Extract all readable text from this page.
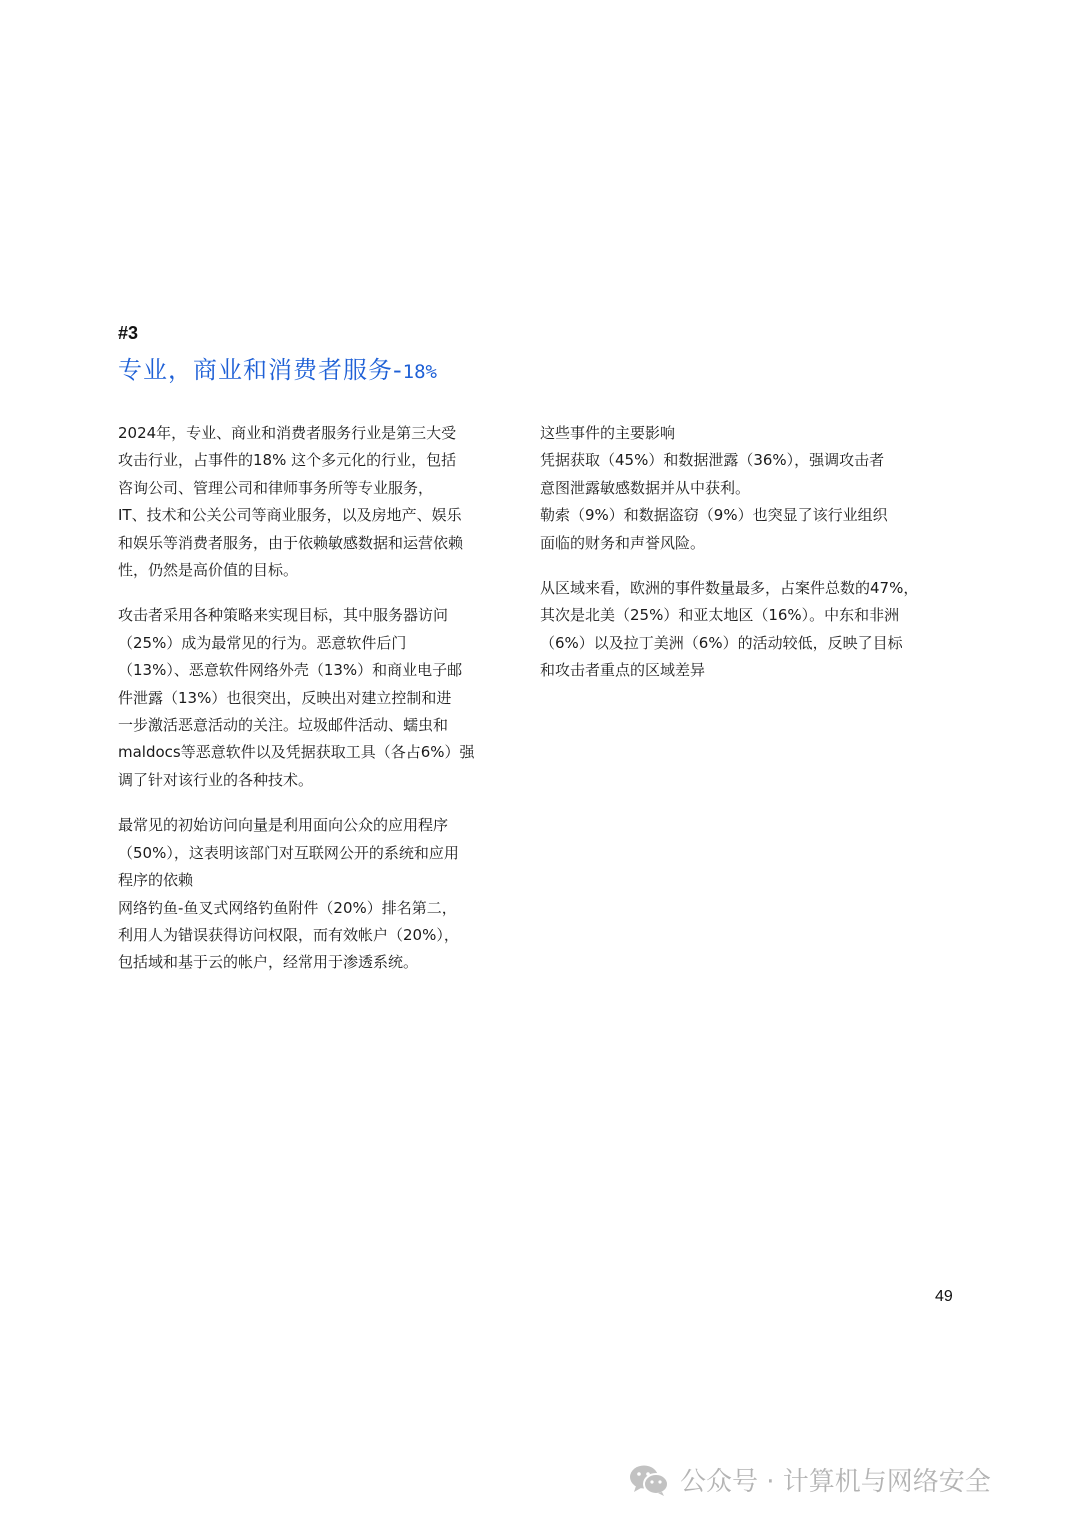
#3
专业，商业和消费者服务-18%

2024年，专业、商业和消费者服务行业是第三大受
攻击行业，占事件的18% 这个多元化的行业，包括
咨询公司、管理公司和律师事务所等专业服务，
IT、技术和公关公司等商业服务，以及房地产、娱乐
和娱乐等消费者服务，由于依赖敏感数据和运营依赖
性，仍然是高价值的目标。

攻击者采用各种策略来实现目标，其中服务器访问
（25%）成为最常见的行为。恶意软件后门
（13%）、恶意软件网络外壳（13%）和商业电子邮
件泄露（13%）也很突出，反映出对建立控制和进
一步激活恶意活动的关注。垃圾邮件活动、蠕虫和
maldocs等恶意软件以及凭据获取工具（各占6%）强
调了针对该行业的各种技术。

最常见的初始访问向量是利用面向公众的应用程序
（50%），这表明该部门对互联网公开的系统和应用
程序的依赖
网络钓鱼-鱼叉式网络钓鱼附件（20%）排名第二，
利用人为错误获得访问权限，而有效帐户（20%），
包括域和基于云的帐户，经常用于渗透系统。

这些事件的主要影响
凭据获取（45%）和数据泄露（36%），强调攻击者
意图泄露敏感数据并从中获利。
勒索（9%）和数据盗窃（9%）也突显了该行业组织
面临的财务和声誉风险。

从区域来看，欧洲的事件数量最多，占案件总数的47%，
其次是北美（25%）和亚太地区（16%）。中东和非洲
（6%）以及拉丁美洲（6%）的活动较低，反映了目标
和攻击者重点的区域差异

49
公众号 · 计算机与网络安全
